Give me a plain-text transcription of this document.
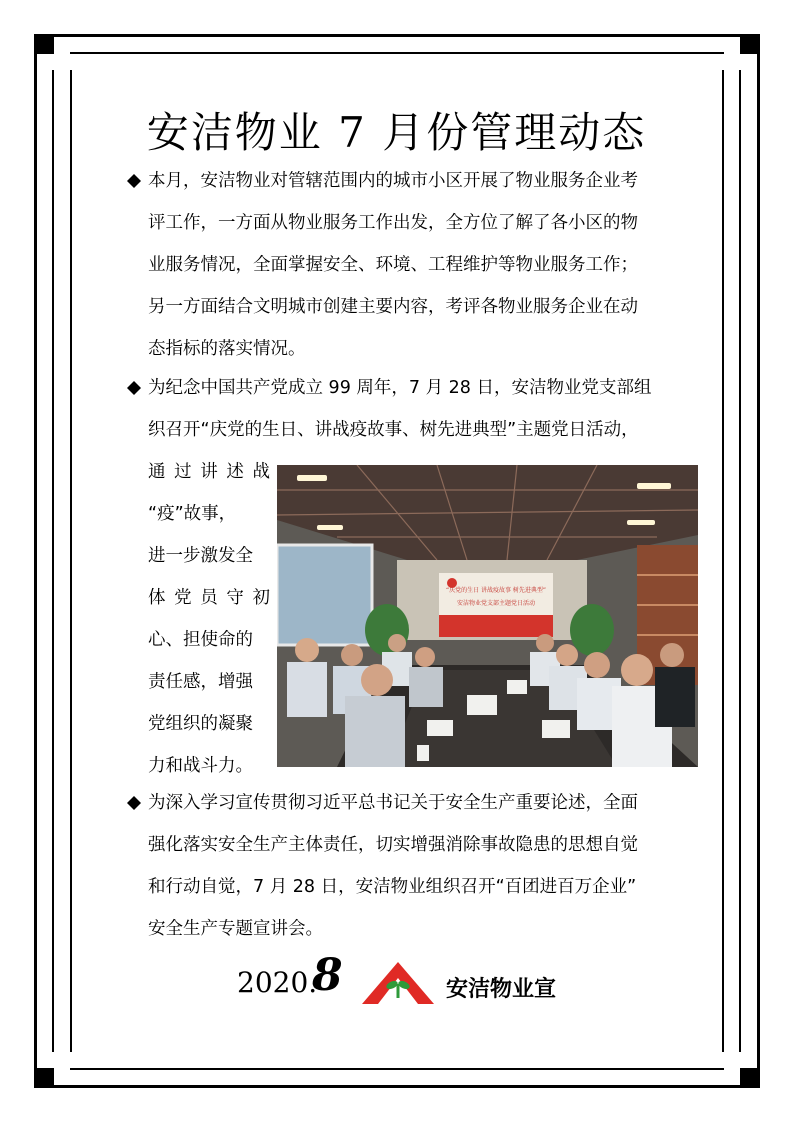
安洁物业 7 月份管理动态
本月，安洁物业对管辖范围内的城市小区开展了物业服务企业考
评工作，一方面从物业服务工作出发，全方位了解了各小区的物
业服务情况，全面掌握安全、环境、工程维护等物业服务工作；
另一方面结合文明城市创建主要内容，考评各物业服务企业在动
态指标的落实情况。
为纪念中国共产党成立 99 周年，7 月 28 日，安洁物业党支部组
织召开“庆党的生日、讲战疫故事、树先进典型”主题党日活动，
通过讲述战
“疫”故事，
进一步激发全
体党员守初
心、担使命的
责任感，增强
党组织的凝聚
力和战斗力。
“庆党的生日 讲战疫故事 树先进典型”
安洁物业党支部主题党日活动
为深入学习宣传贯彻习近平总书记关于安全生产重要论述，全面
强化落实安全生产主体责任，切实增强消除事故隐患的思想自觉
和行动自觉，7 月 28 日，安洁物业组织召开“百团进百万企业”
安全生产专题宣讲会。
2020.
8	安洁物业宣
